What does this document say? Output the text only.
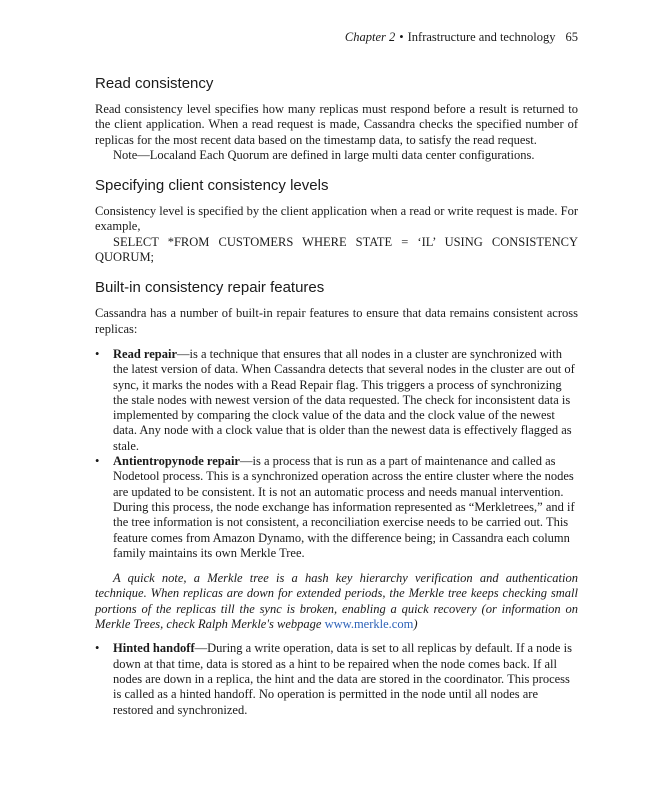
Chapter 2 • Infrastructure and technology 65
Read consistency

Read consistency level specifies how many replicas must respond before a result is returned to the client application. When a read request is made, Cassandra checks the specified number of replicas for the most recent data based on the timestamp data, to satisfy the read request.

Note—Localand Each Quorum are defined in large multi data center configurations.

Specifying client consistency levels

Consistency level is specified by the client application when a read or write request is made. For example,

SELECT *FROM CUSTOMERS WHERE STATE = ‘IL’ USING CONSISTENCY QUORUM;

Built-in consistency repair features

Cassandra has a number of built-in repair features to ensure that data remains consistent across replicas:

• Read repair—is a technique that ensures that all nodes in a cluster are synchronized with the latest version of data. When Cassandra detects that several nodes in the cluster are out of sync, it marks the nodes with a Read Repair flag. This triggers a process of synchronizing the stale nodes with newest version of the data requested. The check for inconsistent data is implemented by comparing the clock value of the data and the clock value of the newest data. Any node with a clock value that is older than the newest data is effectively flagged as stale.
• Antientropynode repair—is a process that is run as a part of maintenance and called as Nodetool process. This is a synchronized operation across the entire cluster where the nodes are updated to be consistent. It is not an automatic process and needs manual intervention. During this process, the node exchange has information represented as “Merkletrees,” and if the tree information is not consistent, a reconciliation exercise needs to be carried out. This feature comes from Amazon Dynamo, with the difference being; in Cassandra each column family maintains its own Merkle Tree.

A quick note, a Merkle tree is a hash key hierarchy verification and authentication technique. When replicas are down for extended periods, the Merkle tree keeps checking small portions of the replicas till the sync is broken, enabling a quick recovery (or information on Merkle Trees, check Ralph Merkle's webpage www.merkle.com)

• Hinted handoff—During a write operation, data is set to all replicas by default. If a node is down at that time, data is stored as a hint to be repaired when the node comes back. If all nodes are down in a replica, the hint and the data are stored in the coordinator. This process is called as a hinted handoff. No operation is permitted in the node until all nodes are restored and synchronized.
